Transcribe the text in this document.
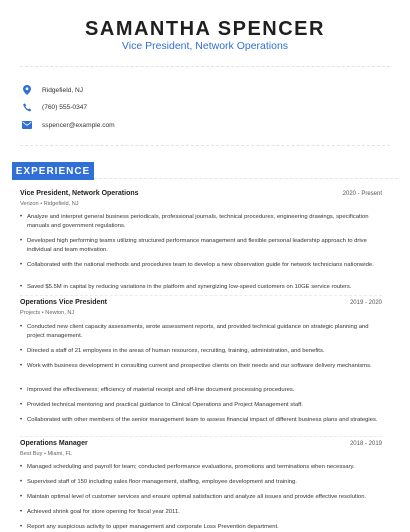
SAMANTHA SPENCER
Vice President, Network Operations
Ridgefield, NJ
(760) 555-0347
sspencer@example.com
EXPERIENCE
Vice President, Network Operations	2020 - Present
Verizon • Ridgefield, NJ
• Analyze and interpret general business periodicals, professional journals, technical procedures, engineering drawings, specification manuals and government regulations.
• Developed high performing teams utilizing structured performance management and flexible personal leadership approach to drive individual and team motivation.
• Collaborated with the national methods and procedures team to develop a new observation guide for network technicians nationwide.
• Saved $5.5M in capital by reducing variations in the platform and synergizing low-speed customers on 10GE service routers.
Operations Vice President	2019 - 2020
Projects • Newton, NJ
• Conducted new client capacity assessments, wrote assessment reports, and provided technical guidance on strategic planning and project management.
• Directed a staff of 21 employees in the areas of human resources, recruiting, training, administration, and benefits.
• Work with business development in consulting current and prospective clients on their needs and our software delivery mechanisms.
• Improved the effectiveness; efficiency of material receipt and off-line document processing procedures.
• Provided technical mentoring and practical guidance to Clinical Operations and Project Management staff.
• Collaborated with other members of the senior management team to assess financial impact of different business plans and strategies.
Operations Manager	2018 - 2019
Best Buy • Miami, FL
• Managed scheduling and payroll for team; conducted performance evaluations, promotions and terminations when necessary.
• Supervised staff of 150 including sales floor management, staffing, employee development and training.
• Maintain optimal level of customer services and ensure optimal satisfaction and analyze all issues and provide effective resolution.
• Achieved shrink goal for store opening for fiscal year 2011.
• Report any suspicious activity to upper management and corporate Loss Prevention department.
